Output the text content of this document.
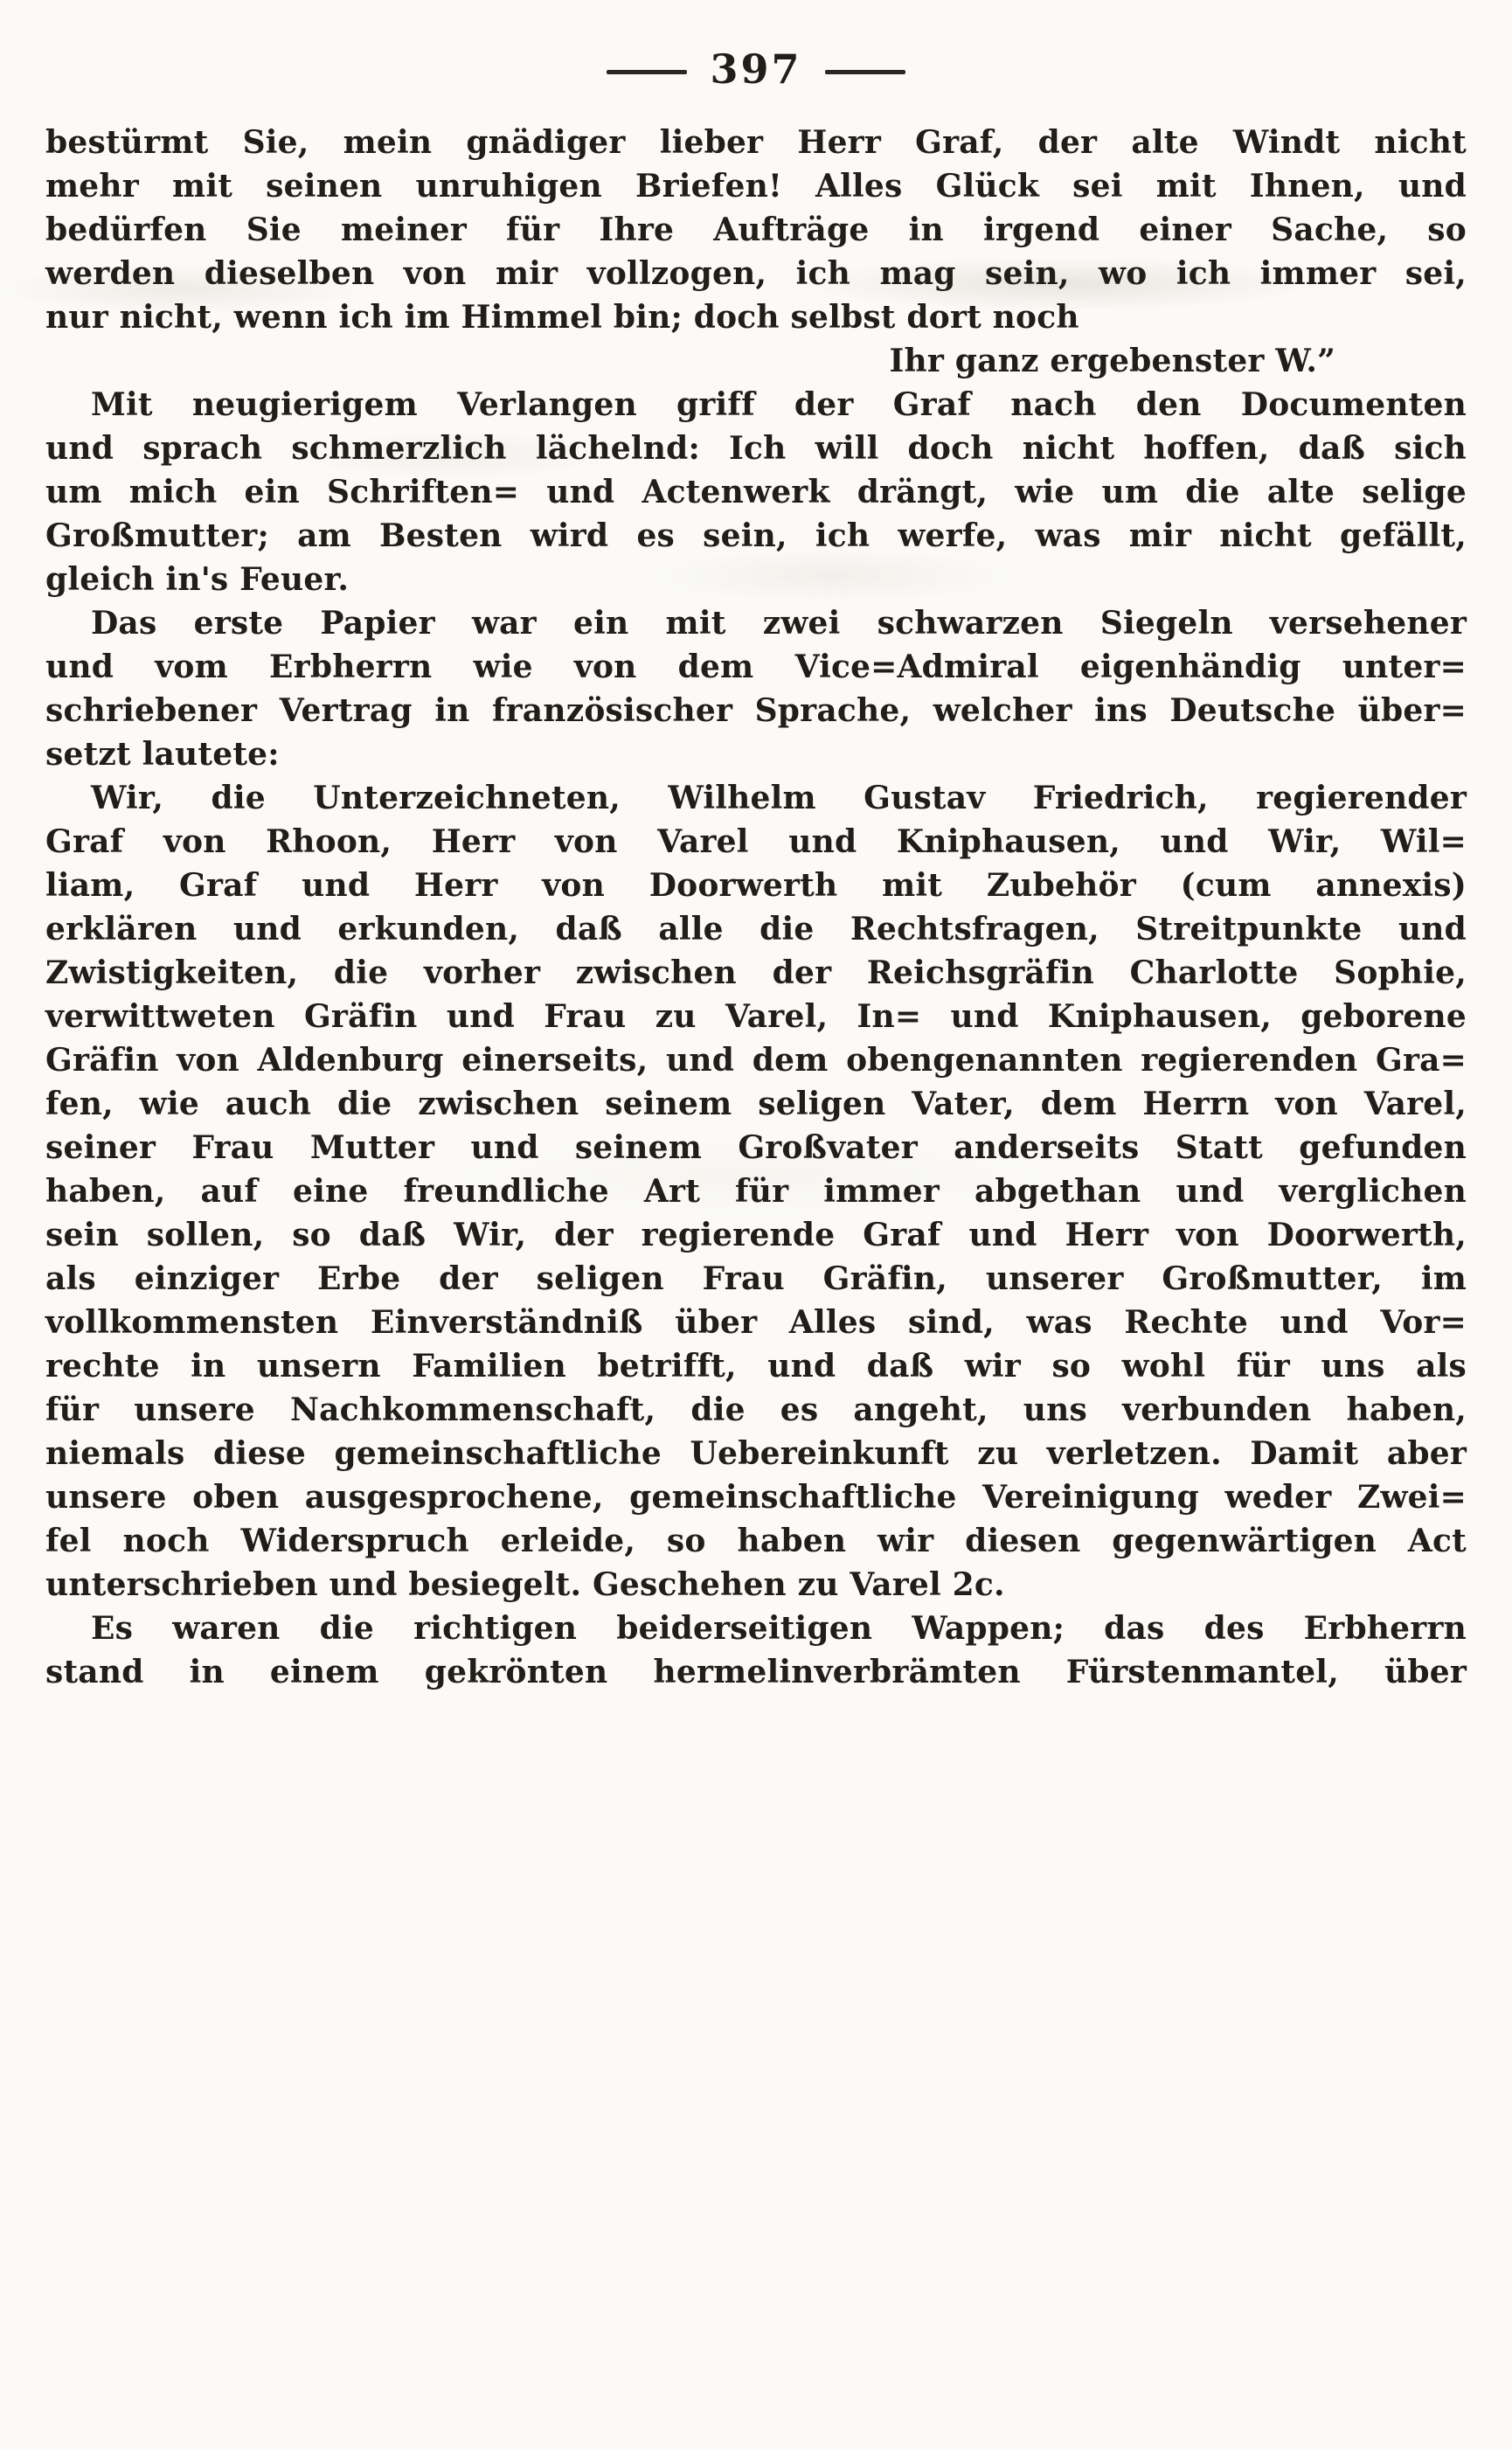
397
bestürmt Sie, mein gnädiger lieber Herr Graf, der alte Windt nicht
mehr mit seinen unruhigen Briefen! Alles Glück sei mit Ihnen, und
bedürfen Sie meiner für Ihre Aufträge in irgend einer Sache, so
werden dieselben von mir vollzogen, ich mag sein, wo ich immer sei,
nur nicht, wenn ich im Himmel bin; doch selbst dort noch
Ihr ganz ergebenster W.”
Mit neugierigem Verlangen griff der Graf nach den Documenten
und sprach schmerzlich lächelnd: Ich will doch nicht hoffen, daß sich
um mich ein Schriften= und Actenwerk drängt, wie um die alte selige
Großmutter; am Besten wird es sein, ich werfe, was mir nicht gefällt,
gleich in's Feuer.
Das erste Papier war ein mit zwei schwarzen Siegeln versehener
und vom Erbherrn wie von dem Vice=Admiral eigenhändig unter=
schriebener Vertrag in französischer Sprache, welcher ins Deutsche über=
setzt lautete:
Wir, die Unterzeichneten, Wilhelm Gustav Friedrich, regierender
Graf von Rhoon, Herr von Varel und Kniphausen, und Wir, Wil=
liam, Graf und Herr von Doorwerth mit Zubehör (cum annexis)
erklären und erkunden, daß alle die Rechtsfragen, Streitpunkte und
Zwistigkeiten, die vorher zwischen der Reichsgräfin Charlotte Sophie,
verwittweten Gräfin und Frau zu Varel, In= und Kniphausen, geborene
Gräfin von Aldenburg einerseits, und dem obengenannten regierenden Gra=
fen, wie auch die zwischen seinem seligen Vater, dem Herrn von Varel,
seiner Frau Mutter und seinem Großvater anderseits Statt gefunden
haben, auf eine freundliche Art für immer abgethan und verglichen
sein sollen, so daß Wir, der regierende Graf und Herr von Doorwerth,
als einziger Erbe der seligen Frau Gräfin, unserer Großmutter, im
vollkommensten Einverständniß über Alles sind, was Rechte und Vor=
rechte in unsern Familien betrifft, und daß wir so wohl für uns als
für unsere Nachkommenschaft, die es angeht, uns verbunden haben,
niemals diese gemeinschaftliche Uebereinkunft zu verletzen. Damit aber
unsere oben ausgesprochene, gemeinschaftliche Vereinigung weder Zwei=
fel noch Widerspruch erleide, so haben wir diesen gegenwärtigen Act
unterschrieben und besiegelt. Geschehen zu Varel 2c.
Es waren die richtigen beiderseitigen Wappen; das des Erbherrn
stand in einem gekrönten hermelinverbrämten Fürstenmantel, über
